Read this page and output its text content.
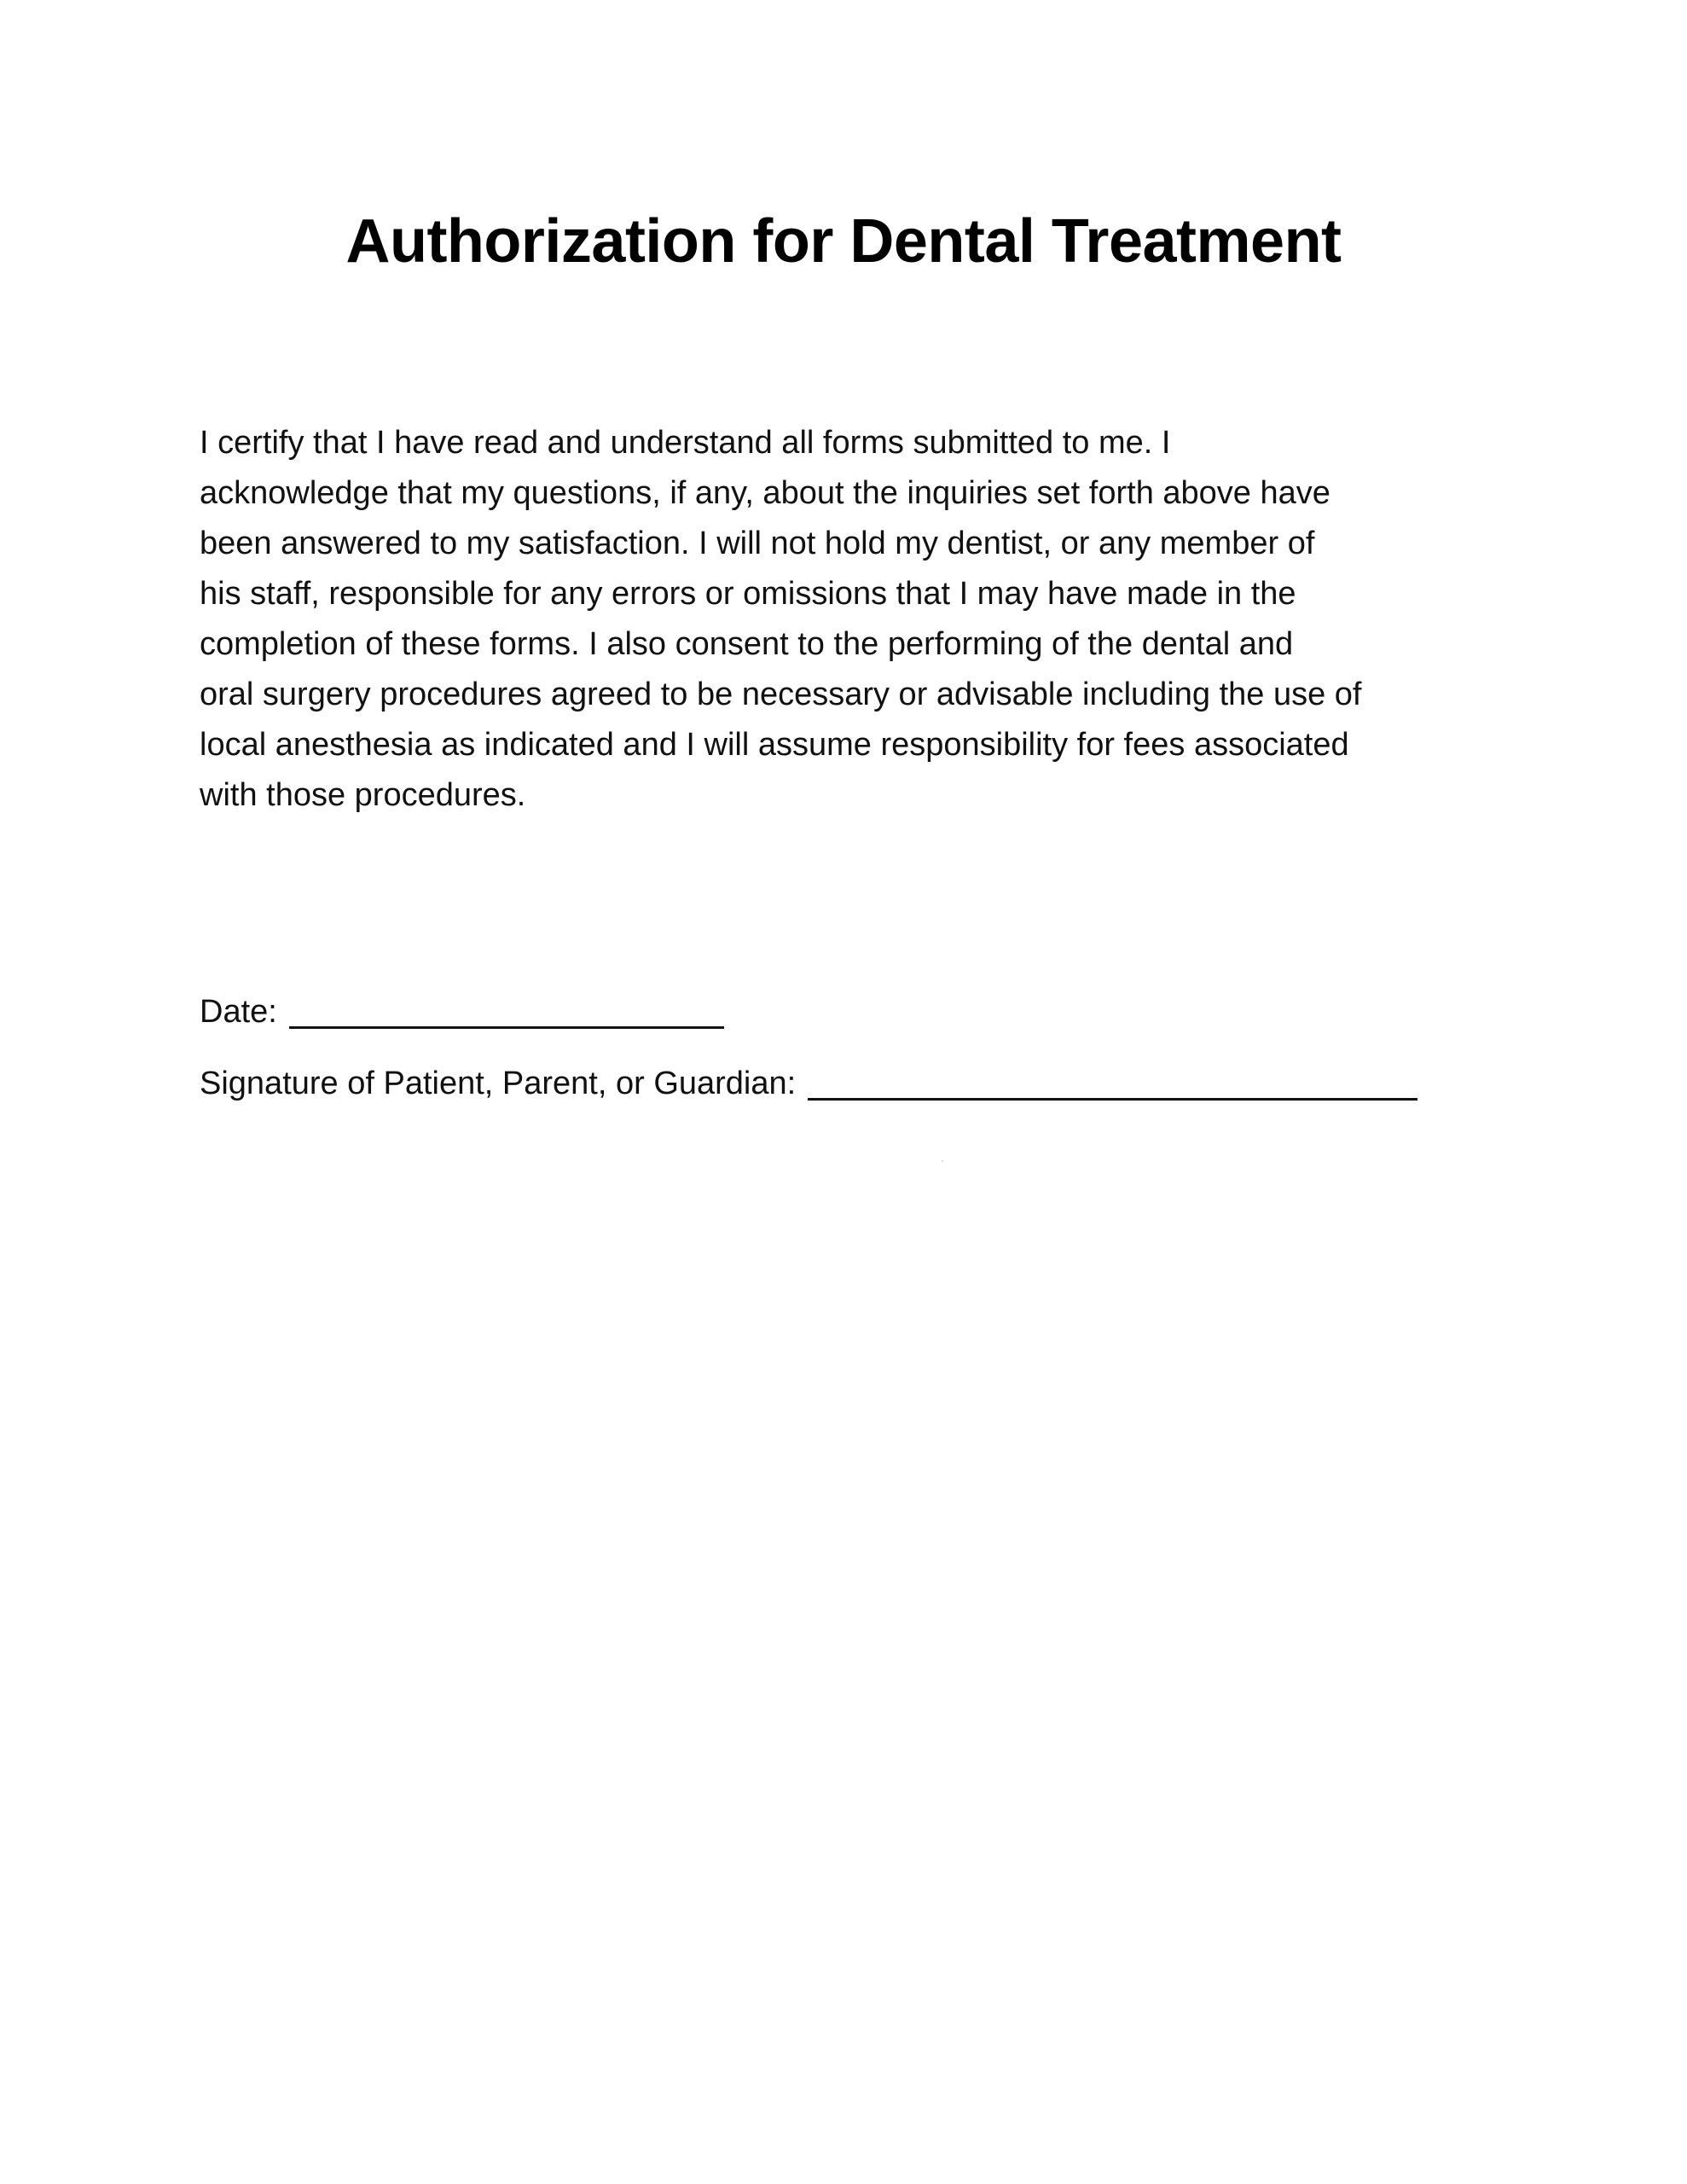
Authorization for Dental Treatment
I certify that I have read and understand all forms submitted to me. I
acknowledge that my questions, if any, about the inquiries set forth above have
been answered to my satisfaction. I will not hold my dentist, or any member of
his staff, responsible for any errors or omissions that I may have made in the
completion of these forms. I also consent to the performing of the dental and
oral surgery procedures agreed to be necessary or advisable including the use of
local anesthesia as indicated and I will assume responsibility for fees associated
with those procedures.
Date:
Signature of Patient, Parent, or Guardian:
